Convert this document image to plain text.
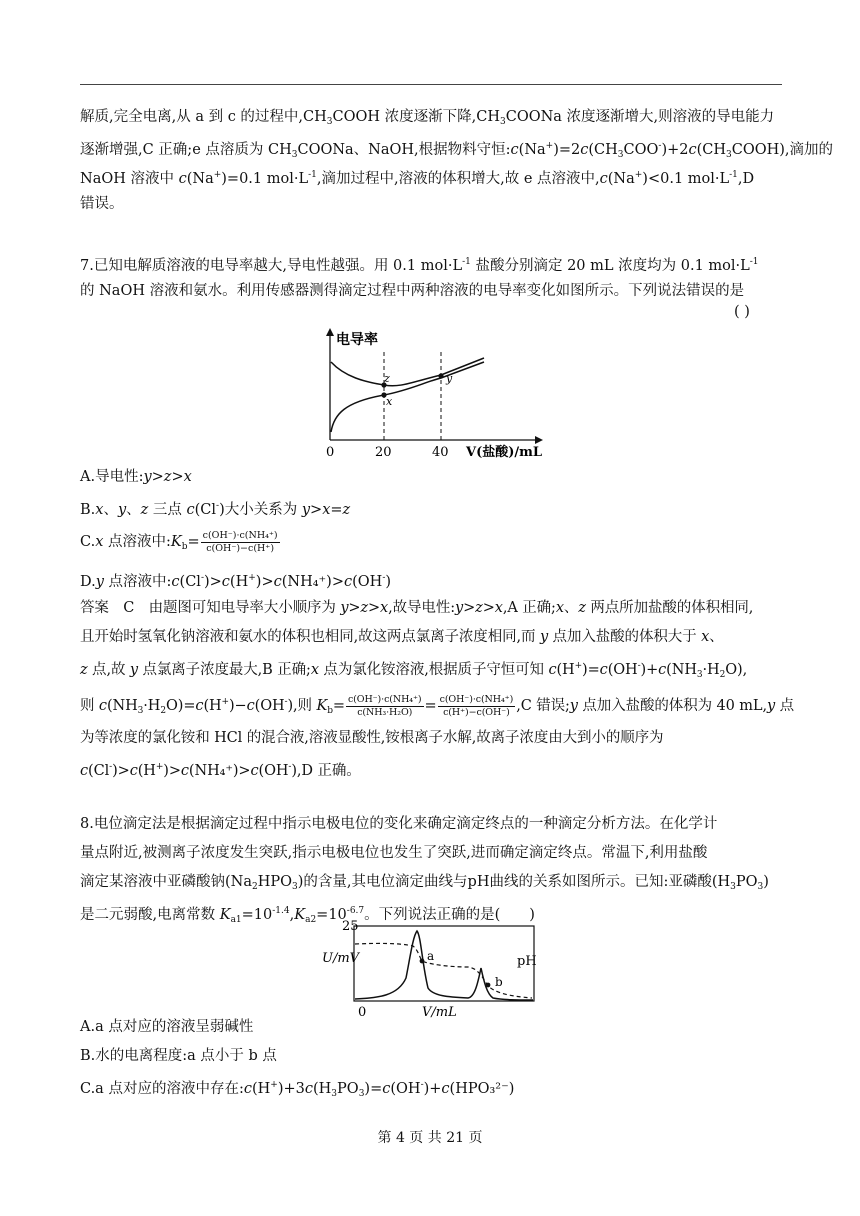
解质,完全电离,从 a 到 c 的过程中$,CH_3COOH$ 浓度逐渐下降$,CH_3COONa$ 浓度逐渐增大,则溶液的导电能力
逐渐增强,C 正确;e 点溶质为 $CH_3COONa$、NaOH,根据物料守恒$:c(Na^+)=2c(CH_3COO^-)+2c(CH_3COOH)$,滴加的
NaOH 溶液中 c(Na+)=0.1 $mol\cdot L^{-1}$,滴加过程中,溶液的体积增大,故 e 点溶液中,c(Na+)<0.1 $mol\cdot L^{-1},D$
错误。
7.已知电解质溶液的电导率越大,导电性越强。用 0.1 $mol\cdot L^{-1}$ 盐酸分别滴定 20 mL 浓度均为 0.1 $mol\cdot L^{-1}$
的 NaOH 溶液和氨水。利用传感器测得滴定过程中两种溶液的电导率变化如图所示。下列说法错误的是
( )
电导率
z
x
y
0	20	40 V(盐酸)/mL
A.导电性:y>z>x
B.x、y、z 三点 c(Cl-)大小关系为 y>x=z
C.x 点溶液中$:K_b= \frac{\text{c(OH⁻)·c(NH₄⁺)}}{c(OH^-)-c(H^+)}$
D.y 点溶液中:c(Cl-)>c(H+)>c(NH₄⁺)>c(OH-)
答案　C　由题图可知电导率大小顺序为 y>z>x,故导电性:y>z>x,A 正确;x、z 两点所加盐酸的体积相同,
且开始时氢氧化钠溶液和氨水的体积也相同,故这两点氯离子浓度相同,而 y 点加入盐酸的体积大于 x、
z 点,故 y 点氯离子浓度最大,B 正确;x 点为氯化铵溶液,根据质子守恒可知 $c(H^+)=c(OH^-)+c(NH_3\cdot H_2O)$,
则 $c(NH_3\cdot H_2O)=c(H^+)-c(OH^-)$,则 $K_b= \frac{\text{c(OH⁻)·c(NH₄⁺)}}{\text{c(NH₃·H₂O)}} = \frac{\text{c(OH⁻)·c(NH₄⁺)}}{c(H^+)-c(OH^-)} ,C$ 错误;y 点加入盐酸的体积为 40 mL,y 点
为等浓度的氯化铵和 HCl 的混合液,溶液显酸性,铵根离子水解,故离子浓度由大到小的顺序为
c(Cl-)>c(H+)>c(NH₄⁺)>c(OH-),D 正确。
8.电位滴定法是根据滴定过程中指示电极电位的变化来确定滴定终点的一种滴定分析方法。在化学计
量点附近,被测离子浓度发生突跃,指示电极电位也发生了突跃,进而确定滴定终点。常温下,利用盐酸
滴定某溶液中亚磷酸钠$(Na_2HPO_3)$的含量,其电位滴定曲线与pH曲线的关系如图所示。已知:亚磷酸$(H_3PO_3)$
是二元弱酸,电离常数 $K_{a1}=10^{-1.4},K_{a2}=10^{-6.7}$。下列说法正确的是(　　)
25
U/mV	pH
0	V/mL
a
b
A.a 点对应的溶液呈弱碱性
B.水的电离程度:a 点小于 b 点
C.a 点对应的溶液中存在$:c(H^+)+3c(H_3PO_3)=c(OH^-)+c(HPO_3^{2-})$
第 4 页 共 21 页
